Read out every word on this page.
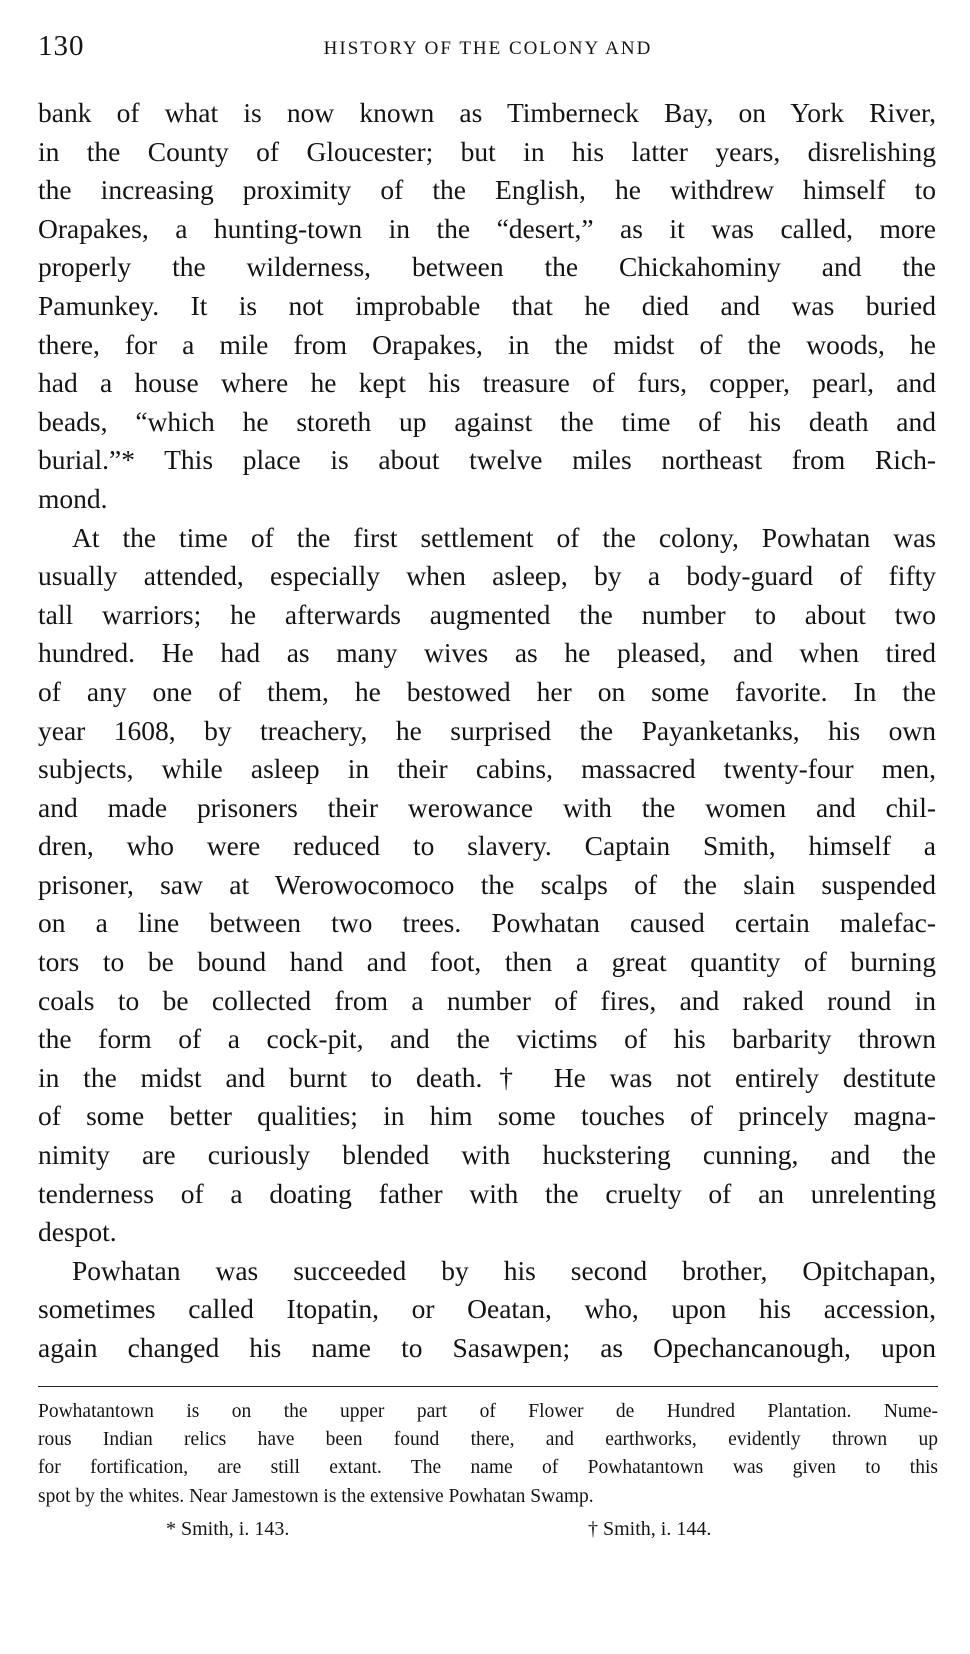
130	HISTORY OF THE COLONY AND
bank of what is now known as Timberneck Bay, on York River,
in the County of Gloucester; but in his latter years, disrelishing
the increasing proximity of the English, he withdrew himself to
Orapakes, a hunting-town in the “desert,” as it was called, more
properly the wilderness, between the Chickahominy and the
Pamunkey. It is not improbable that he died and was buried
there, for a mile from Orapakes, in the midst of the woods, he
had a house where he kept his treasure of furs, copper, pearl, and
beads, “which he storeth up against the time of his death and
burial.”* This place is about twelve miles northeast from Rich-
mond.
At the time of the first settlement of the colony, Powhatan was
usually attended, especially when asleep, by a body-guard of fifty
tall warriors; he afterwards augmented the number to about two
hundred. He had as many wives as he pleased, and when tired
of any one of them, he bestowed her on some favorite. In the
year 1608, by treachery, he surprised the Payanketanks, his own
subjects, while asleep in their cabins, massacred twenty-four men,
and made prisoners their werowance with the women and chil-
dren, who were reduced to slavery. Captain Smith, himself a
prisoner, saw at Werowocomoco the scalps of the slain suspended
on a line between two trees. Powhatan caused certain malefac-
tors to be bound hand and foot, then a great quantity of burning
coals to be collected from a number of fires, and raked round in
the form of a cock-pit, and the victims of his barbarity thrown
in the midst and burnt to death.† He was not entirely destitute
of some better qualities; in him some touches of princely magna-
nimity are curiously blended with huckstering cunning, and the
tenderness of a doating father with the cruelty of an unrelenting
despot.
Powhatan was succeeded by his second brother, Opitchapan,
sometimes called Itopatin, or Oeatan, who, upon his accession,
again changed his name to Sasawpen; as Opechancanough, upon
Powhatantown is on the upper part of Flower de Hundred Plantation. Nume-
rous Indian relics have been found there, and earthworks, evidently thrown up
for fortification, are still extant. The name of Powhatantown was given to this
spot by the whites. Near Jamestown is the extensive Powhatan Swamp.
* Smith, i. 143.	† Smith, i. 144.
